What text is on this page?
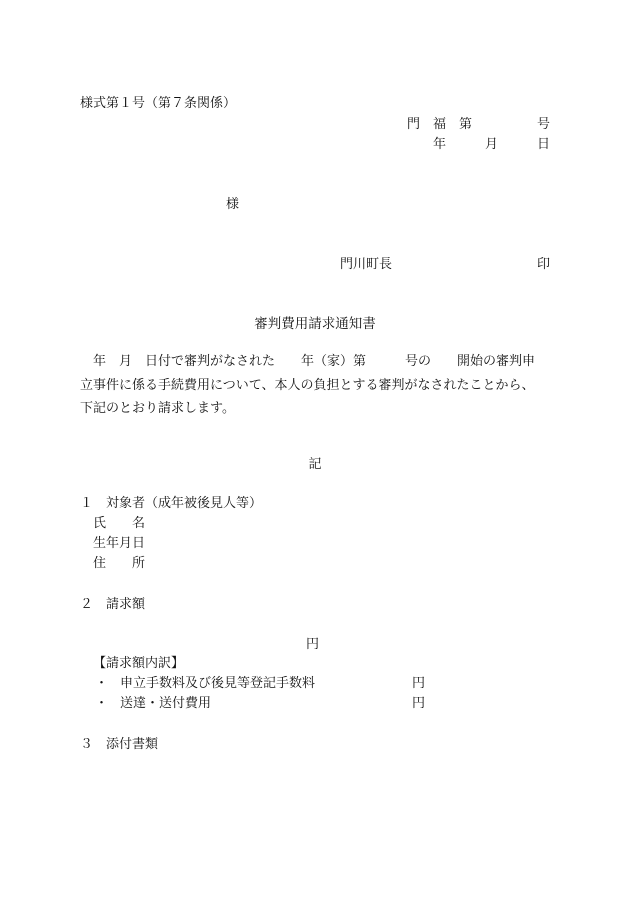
様式第１号（第７条関係）
門　福　第　　　　　号
年　　　月　　　日
様
門川町長	印
審判費用請求通知書
　年　月　日付で審判がなされた　　年（家）第　　　号の　　開始の審判申
立事件に係る手続費用について、本人の負担とする審判がなされたことから、
下記のとおり請求します。
記
１　対象者（成年被後見人等）
氏　　名
生年月日
住　　所
２　請求額
円
【請求額内訳】
・ 申立手数料及び後見等登記手数料	円
・ 送達・送付費用	円
３　添付書類
